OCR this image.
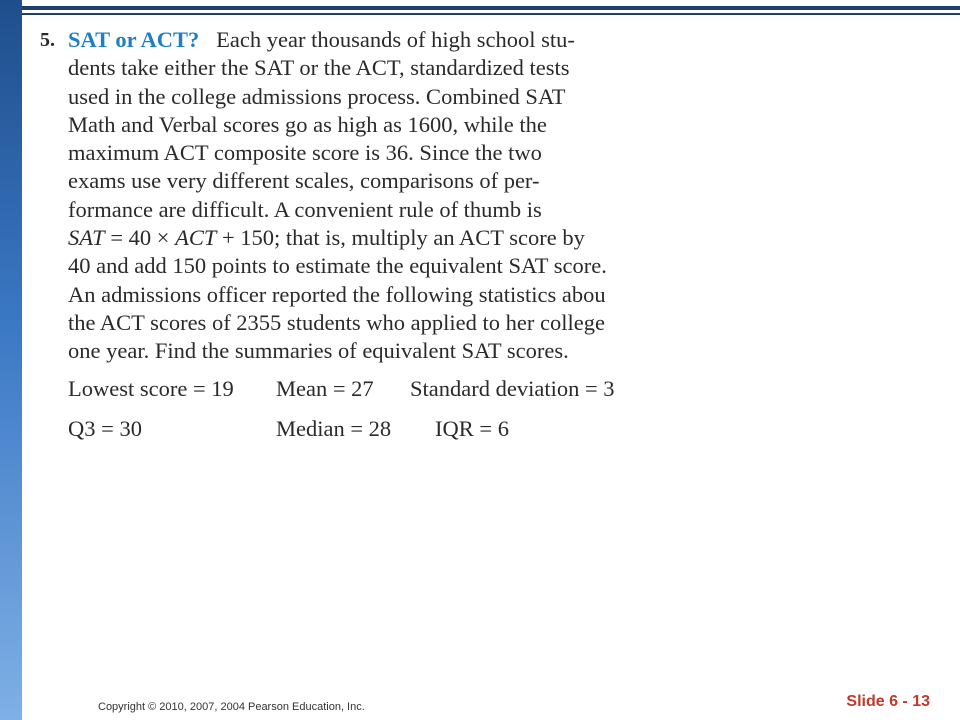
5. SAT or ACT? Each year thousands of high school stu-
dents take either the SAT or the ACT, standardized tests
used in the college admissions process. Combined SAT
Math and Verbal scores go as high as 1600, while the
maximum ACT composite score is 36. Since the two
exams use very different scales, comparisons of per-
formance are difficult. A convenient rule of thumb is
SAT = 40 × ACT + 150; that is, multiply an ACT score by
40 and add 150 points to estimate the equivalent SAT score.
An admissions officer reported the following statistics abou
the ACT scores of 2355 students who applied to her college
one year. Find the summaries of equivalent SAT scores.
Lowest score = 19 Mean = 27 Standard deviation = 3
Q3 = 30	Median = 28 IQR = 6
Copyright © 2010, 2007, 2004 Pearson Education, Inc.	Slide 6 - 13
